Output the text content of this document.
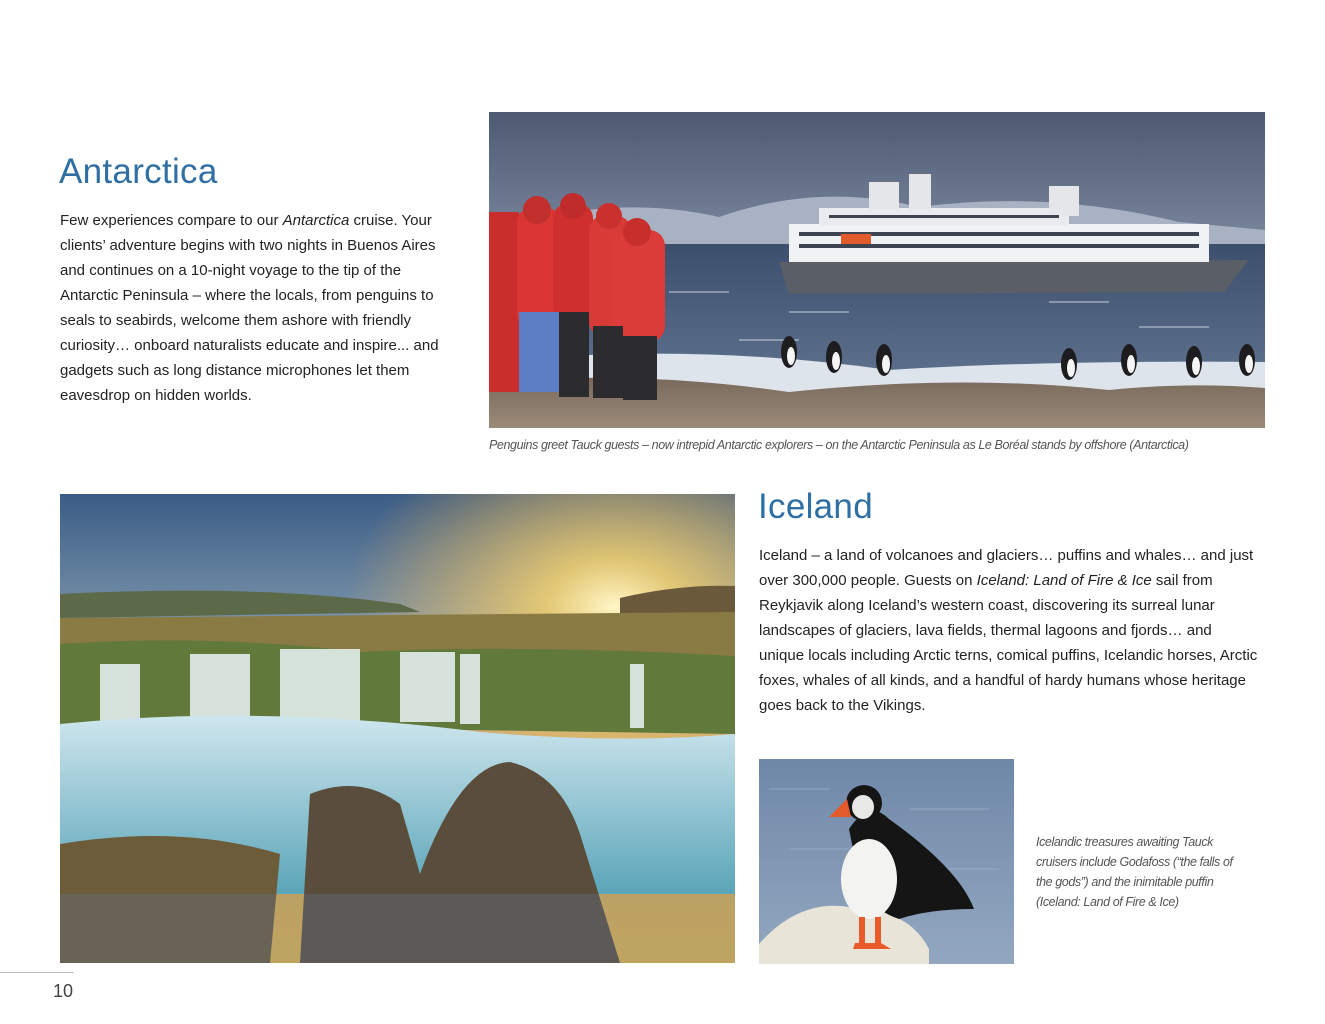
Antarctica

Few experiences compare to our Antarctica cruise. Your clients’ adventure begins with two nights in Buenos Aires and continues on a 10-night voyage to the tip of the Antarctic Peninsula – where the locals, from penguins to seals to seabirds, welcome them ashore with friendly curiosity… onboard naturalists educate and inspire... and gadgets such as long distance microphones let them eavesdrop on hidden worlds.

Penguins greet Tauck guests – now intrepid Antarctic explorers – on the Antarctic Peninsula as Le Boréal stands by offshore (Antarctica)

Iceland

Iceland – a land of volcanoes and glaciers… puffins and whales… and just over 300,000 people. Guests on Iceland: Land of Fire & Ice sail from Reykjavik along Iceland’s western coast, discovering its surreal lunar landscapes of glaciers, lava fields, thermal lagoons and fjords… and unique locals including Arctic terns, comical puffins, Icelandic horses, Arctic foxes, whales of all kinds, and a handful of hardy humans whose heritage goes back to the Vikings.

Icelandic treasures awaiting Tauck cruisers include Godafoss (“the falls of the gods”) and the inimitable puffin (Iceland: Land of Fire & Ice)

10
